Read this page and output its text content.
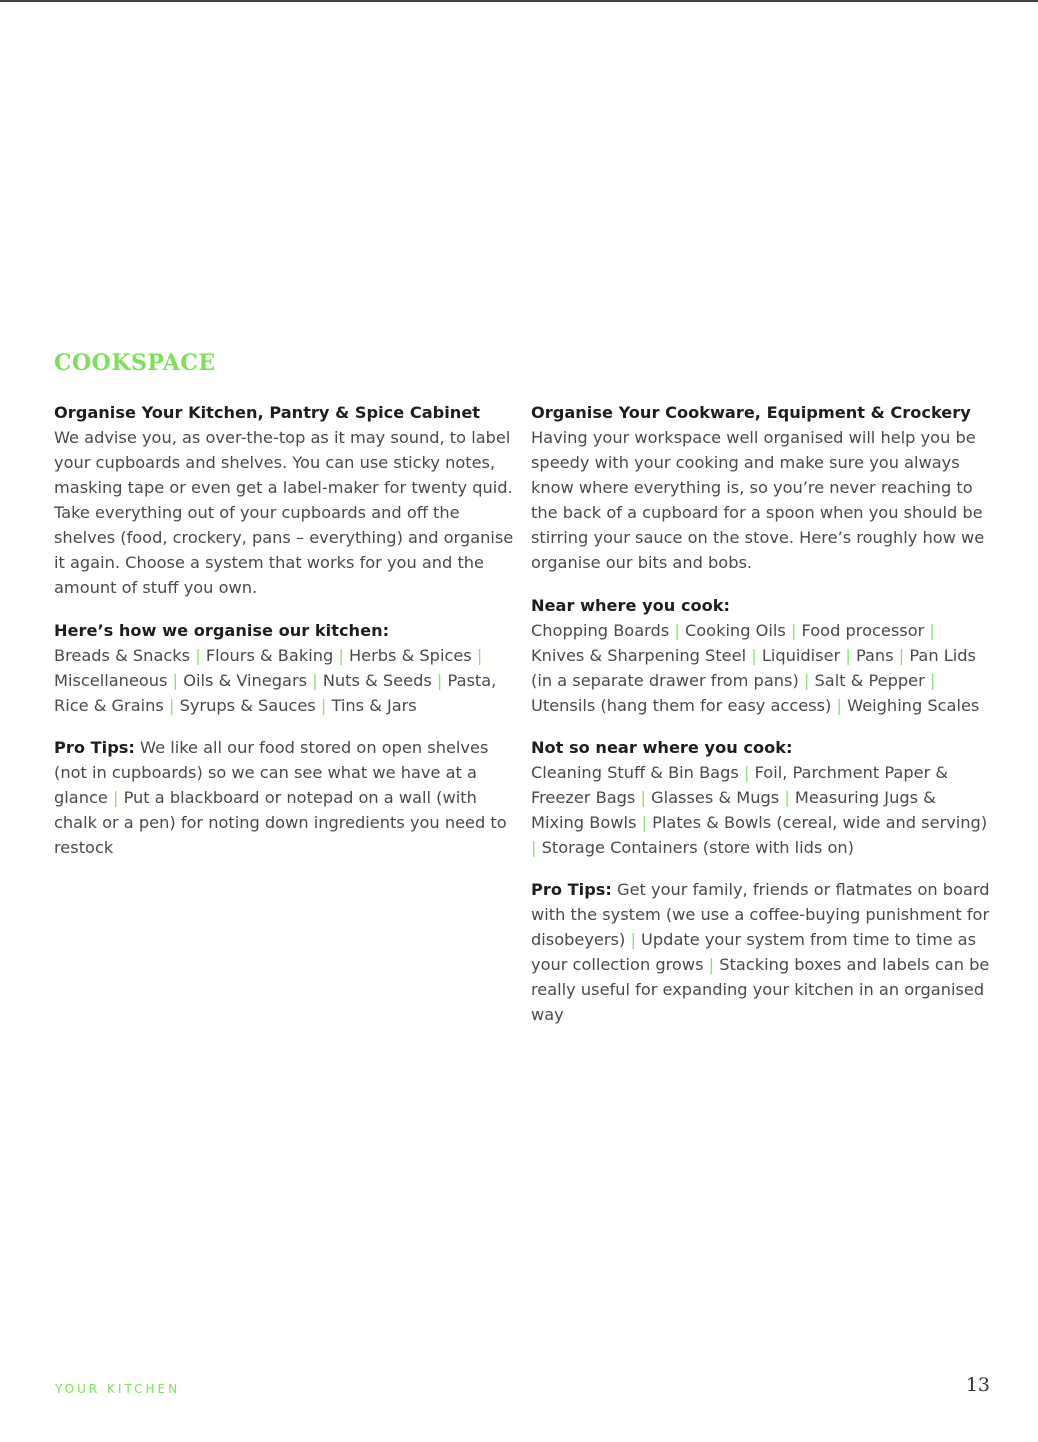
COOKSPACE
Organise Your Kitchen, Pantry & Spice Cabinet

We advise you, as over-the-top as it may sound, to label your cupboards and shelves. You can use sticky notes, masking tape or even get a label-maker for twenty quid. Take everything out of your cupboards and off the shelves (food, crockery, pans – everything) and organise it again. Choose a system that works for you and the amount of stuff you own.

Here’s how we organise our kitchen:
Breads & Snacks | Flours & Baking | Herbs & Spices | Miscellaneous | Oils & Vinegars | Nuts & Seeds | Pasta, Rice & Grains | Syrups & Sauces | Tins & Jars
Pro Tips: We like all our food stored on open shelves (not in cupboards) so we can see what we have at a glance | Put a blackboard or notepad on a wall (with chalk or a pen) for noting down ingredients you need to restock
Organise Your Cookware, Equipment & Crockery

Having your workspace well organised will help you be speedy with your cooking and make sure you always know where everything is, so you’re never reaching to the back of a cupboard for a spoon when you should be stirring your sauce on the stove. Here’s roughly how we organise our bits and bobs.

Near where you cook:
Chopping Boards | Cooking Oils | Food processor | Knives & Sharpening Steel | Liquidiser | Pans | Pan Lids (in a separate drawer from pans) | Salt & Pepper | Utensils (hang them for easy access) | Weighing Scales
Not so near where you cook:
Cleaning Stuff & Bin Bags | Foil, Parchment Paper & Freezer Bags | Glasses & Mugs | Measuring Jugs & Mixing Bowls | Plates & Bowls (cereal, wide and serving) | Storage Containers (store with lids on)
Pro Tips: Get your family, friends or flatmates on board with the system (we use a coffee-buying punishment for disobeyers) | Update your system from time to time as your collection grows | Stacking boxes and labels can be really useful for expanding your kitchen in an organised way
YOUR KITCHEN	13
